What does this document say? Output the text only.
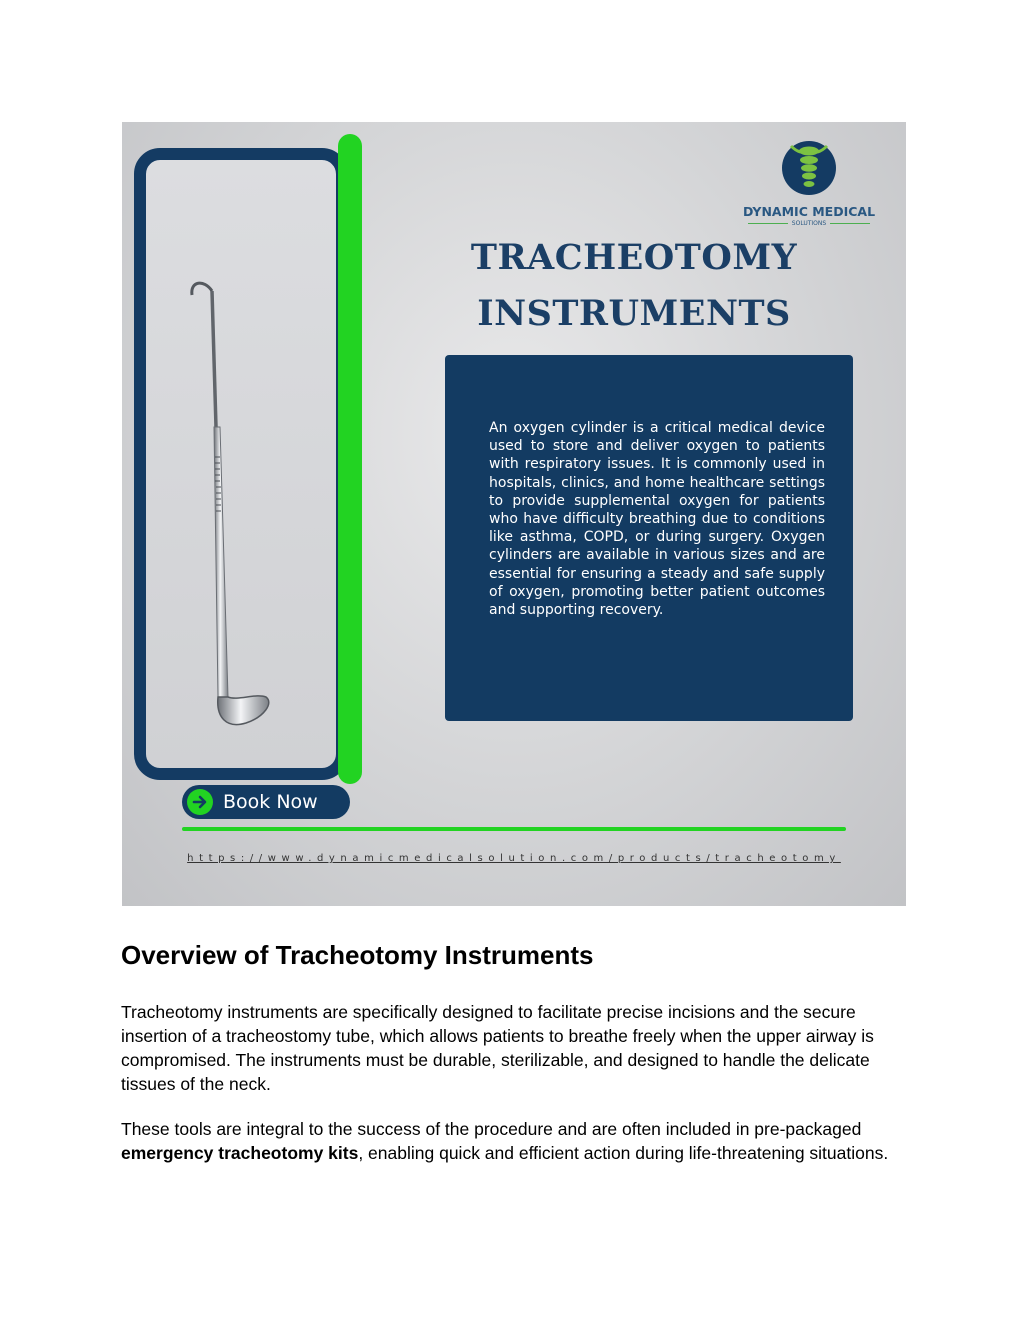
DYNAMIC MEDICAL
SOLUTIONS
TRACHEOTOMY
INSTRUMENTS
An oxygen cylinder is a critical medical device used to store and deliver oxygen to patients with respiratory issues. It is commonly used in hospitals, clinics, and home healthcare settings to provide supplemental oxygen for patients who have difficulty breathing due to conditions like asthma, COPD, or during surgery. Oxygen cylinders are available in various sizes and are essential for ensuring a steady and safe supply of oxygen, promoting better patient outcomes and supporting recovery.
Book Now
https://www.dynamicmedicalsolution.com/products/tracheotomy
Overview of Tracheotomy Instruments

Tracheotomy instruments are specifically designed to facilitate precise incisions and the secure insertion of a tracheostomy tube, which allows patients to breathe freely when the upper airway is compromised. The instruments must be durable, sterilizable, and designed to handle the delicate tissues of the neck.

These tools are integral to the success of the procedure and are often included in pre-packaged emergency tracheotomy kits, enabling quick and efficient action during life-threatening situations.
